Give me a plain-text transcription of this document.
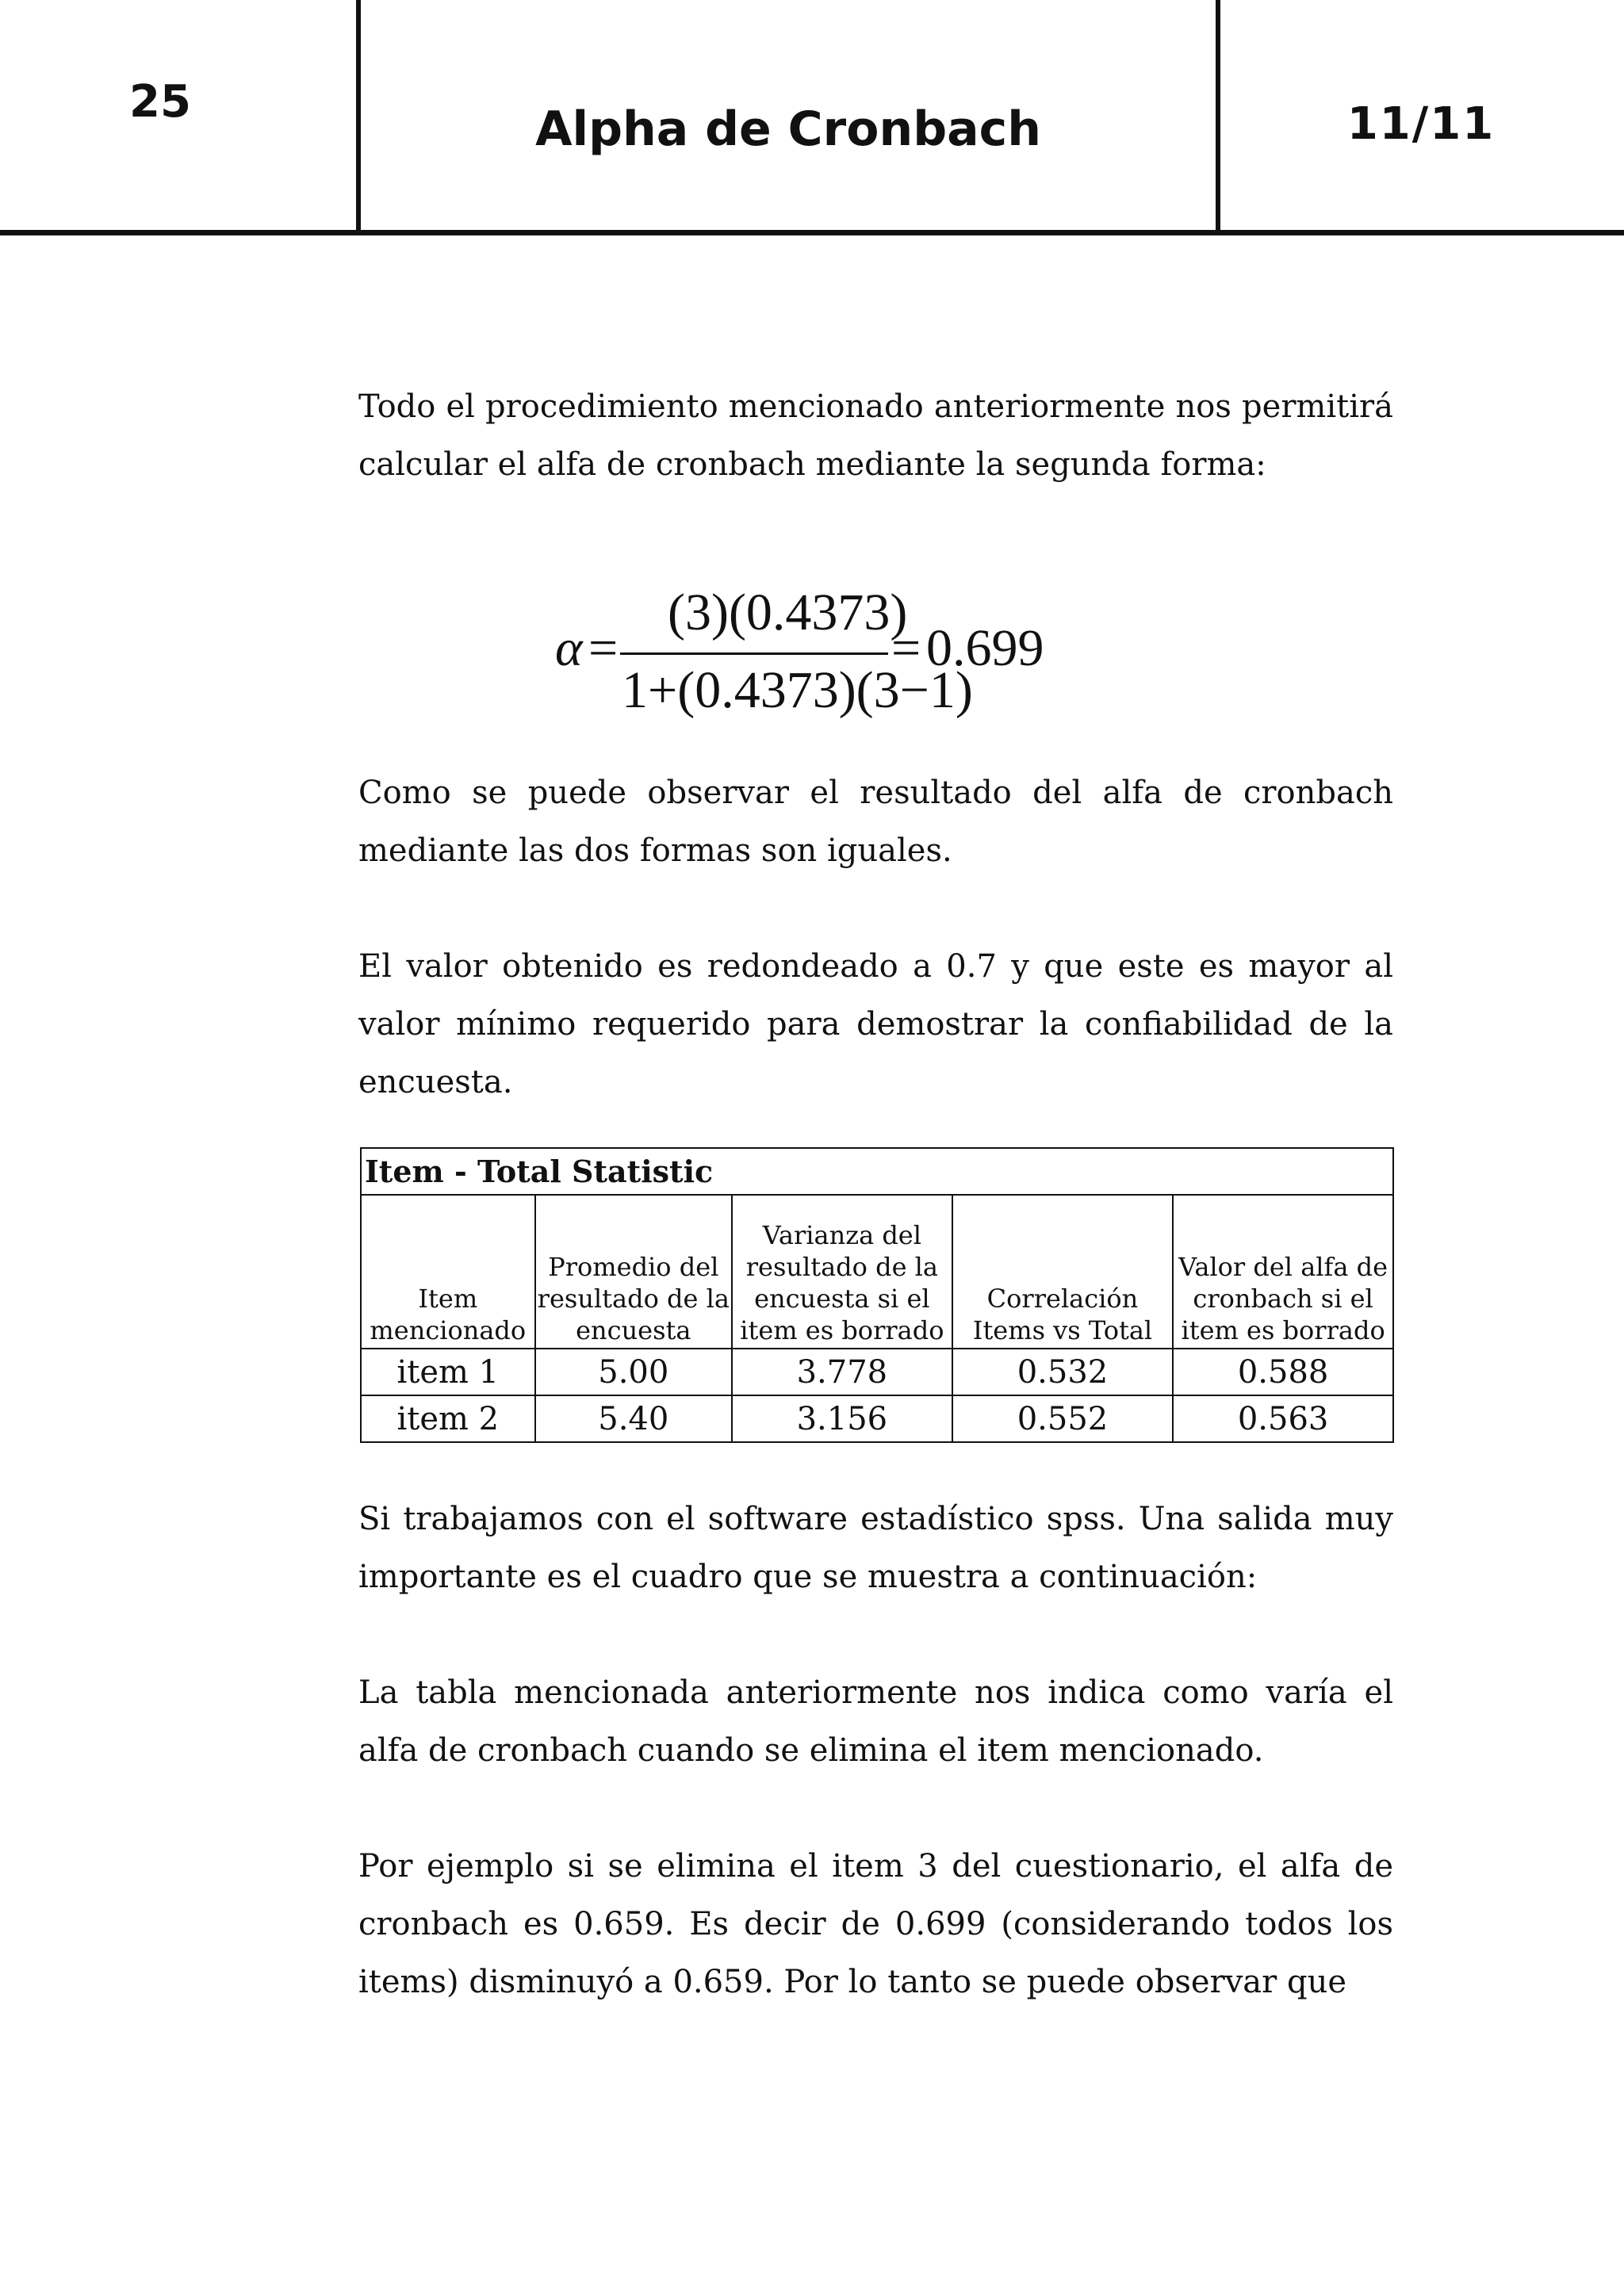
25	Alpha de Cronbach	11/11

Todo el procedimiento mencionado anteriormente nos permitirá calcular el alfa de cronbach mediante la segunda forma:

α =
(3)(0.4373)
1+(0.4373)(3−1)
= 0.699

Como se puede observar el resultado del alfa de cronbach mediante las dos formas son iguales.

El valor obtenido es redondeado a 0.7 y que este es mayor al valor mínimo requerido para demostrar la confiabilidad de la encuesta.

Item - Total Statistic				
Item mencionado	Promedio del resultado de la encuesta	Varianza del resultado de la encuesta si el item es borrado	Correlación Items vs Total	Valor del alfa de cronbach si el item es borrado
item 1	5.00	3.778	0.532	0.588
item 2	5.40	3.156	0.552	0.563

Si trabajamos con el software estadístico spss. Una salida muy importante es el cuadro que se muestra a continuación:

La tabla mencionada anteriormente nos indica como varía el alfa de cronbach cuando se elimina el item mencionado.

Por ejemplo si se elimina el item 3 del cuestionario, el alfa de cronbach es 0.659. Es decir de 0.699 (considerando todos los items) disminuyó a 0.659. Por lo tanto se puede observar que
